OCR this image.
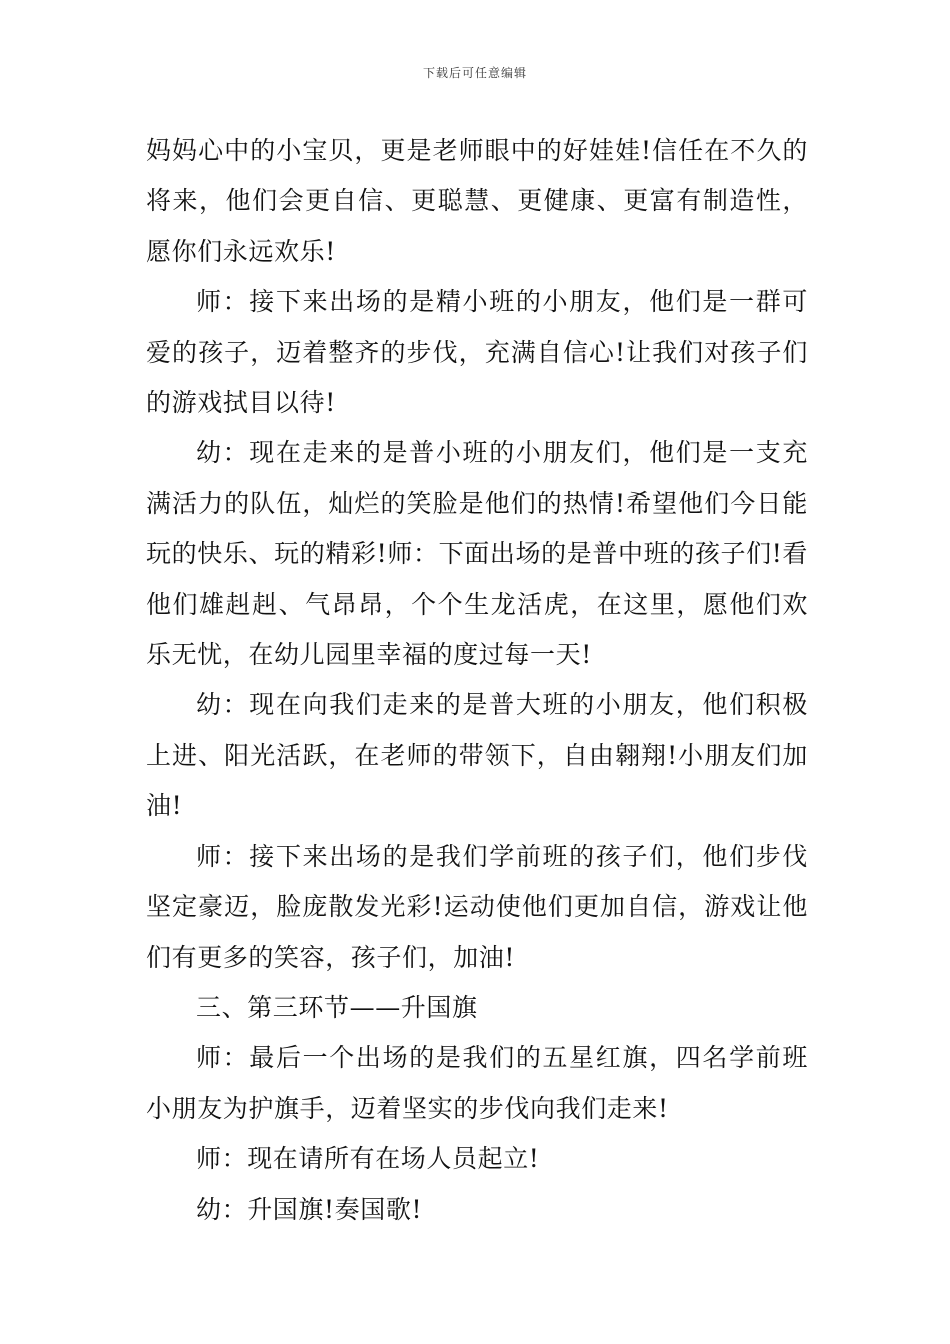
下载后可任意编辑

妈妈心中的小宝贝，更是老师眼中的好娃娃!信任在不久的将来，他们会更自信、更聪慧、更健康、更富有制造性，愿你们永远欢乐!

师：接下来出场的是精小班的小朋友，他们是一群可爱的孩子，迈着整齐的步伐，充满自信心!让我们对孩子们的游戏拭目以待!

幼：现在走来的是普小班的小朋友们，他们是一支充满活力的队伍，灿烂的笑脸是他们的热情!希望他们今日能玩的快乐、玩的精彩!师：下面出场的是普中班的孩子们!看他们雄赳赳、气昂昂，个个生龙活虎，在这里，愿他们欢乐无忧，在幼儿园里幸福的度过每一天!

幼：现在向我们走来的是普大班的小朋友，他们积极上进、阳光活跃，在老师的带领下，自由翱翔!小朋友们加油!

师：接下来出场的是我们学前班的孩子们，他们步伐坚定豪迈，脸庞散发光彩!运动使他们更加自信，游戏让他们有更多的笑容，孩子们，加油!

三、第三环节——升国旗

师：最后一个出场的是我们的五星红旗，四名学前班小朋友为护旗手，迈着坚实的步伐向我们走来!

师：现在请所有在场人员起立!

幼：升国旗!奏国歌!
